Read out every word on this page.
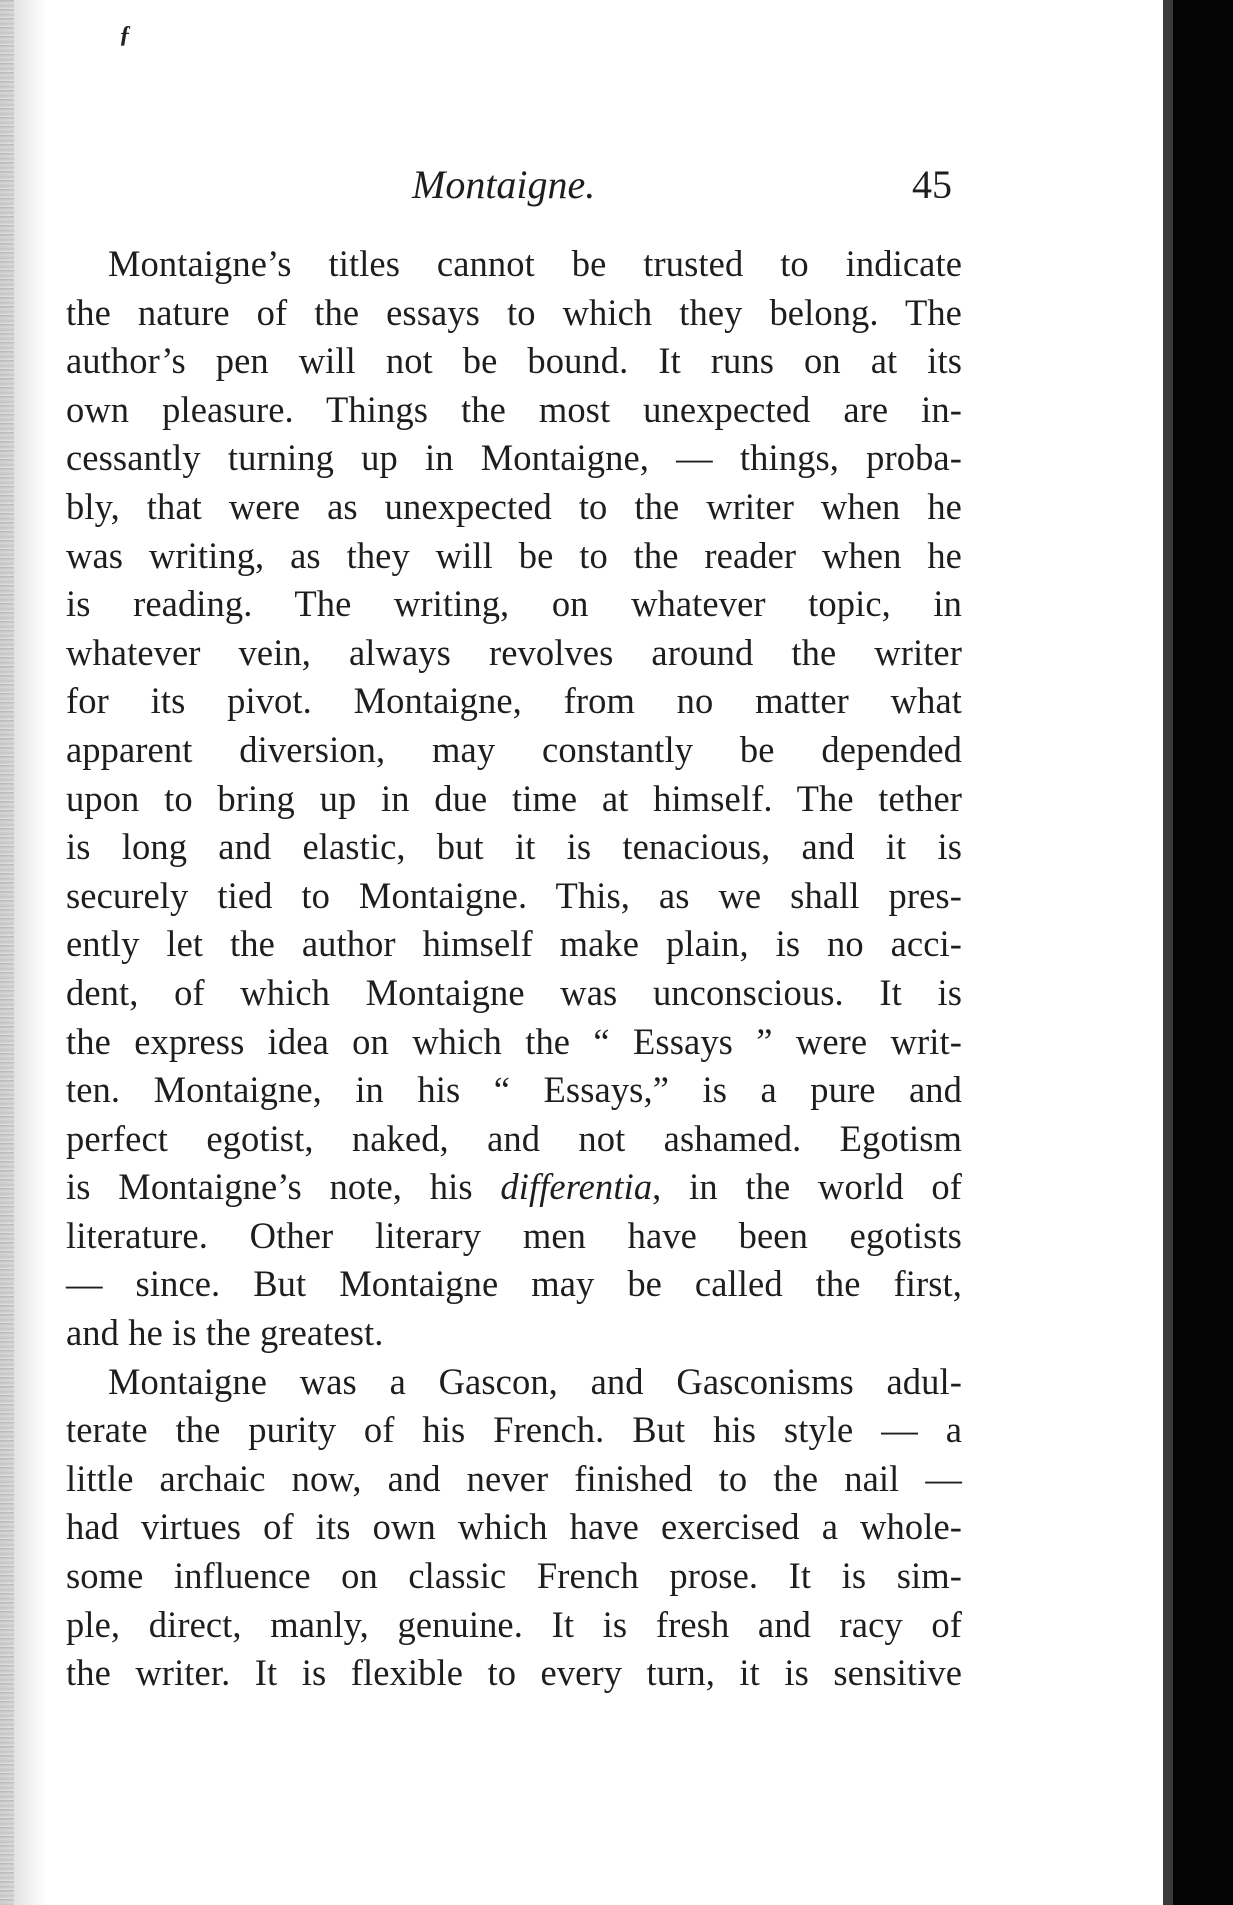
ƒ
Montaigne.	45
Montaigne’s titles cannot be trusted to indicate
the nature of the essays to which they belong. The
author’s pen will not be bound. It runs on at its
own pleasure. Things the most unexpected are in-
cessantly turning up in Montaigne, — things, proba-
bly, that were as unexpected to the writer when he
was writing, as they will be to the reader when he
is reading. The writing, on whatever topic, in
whatever vein, always revolves around the writer
for its pivot. Montaigne, from no matter what
apparent diversion, may constantly be depended
upon to bring up in due time at himself. The tether
is long and elastic, but it is tenacious, and it is
securely tied to Montaigne. This, as we shall pres-
ently let the author himself make plain, is no acci-
dent, of which Montaigne was unconscious. It is
the express idea on which the “ Essays ” were writ-
ten. Montaigne, in his “ Essays,” is a pure and
perfect egotist, naked, and not ashamed. Egotism
is Montaigne’s note, his differentia, in the world of
literature. Other literary men have been egotists
— since. But Montaigne may be called the first,
and he is the greatest.
Montaigne was a Gascon, and Gasconisms adul-
terate the purity of his French. But his style — a
little archaic now, and never finished to the nail —
had virtues of its own which have exercised a whole-
some influence on classic French prose. It is sim-
ple, direct, manly, genuine. It is fresh and racy of
the writer. It is flexible to every turn, it is sensitive
